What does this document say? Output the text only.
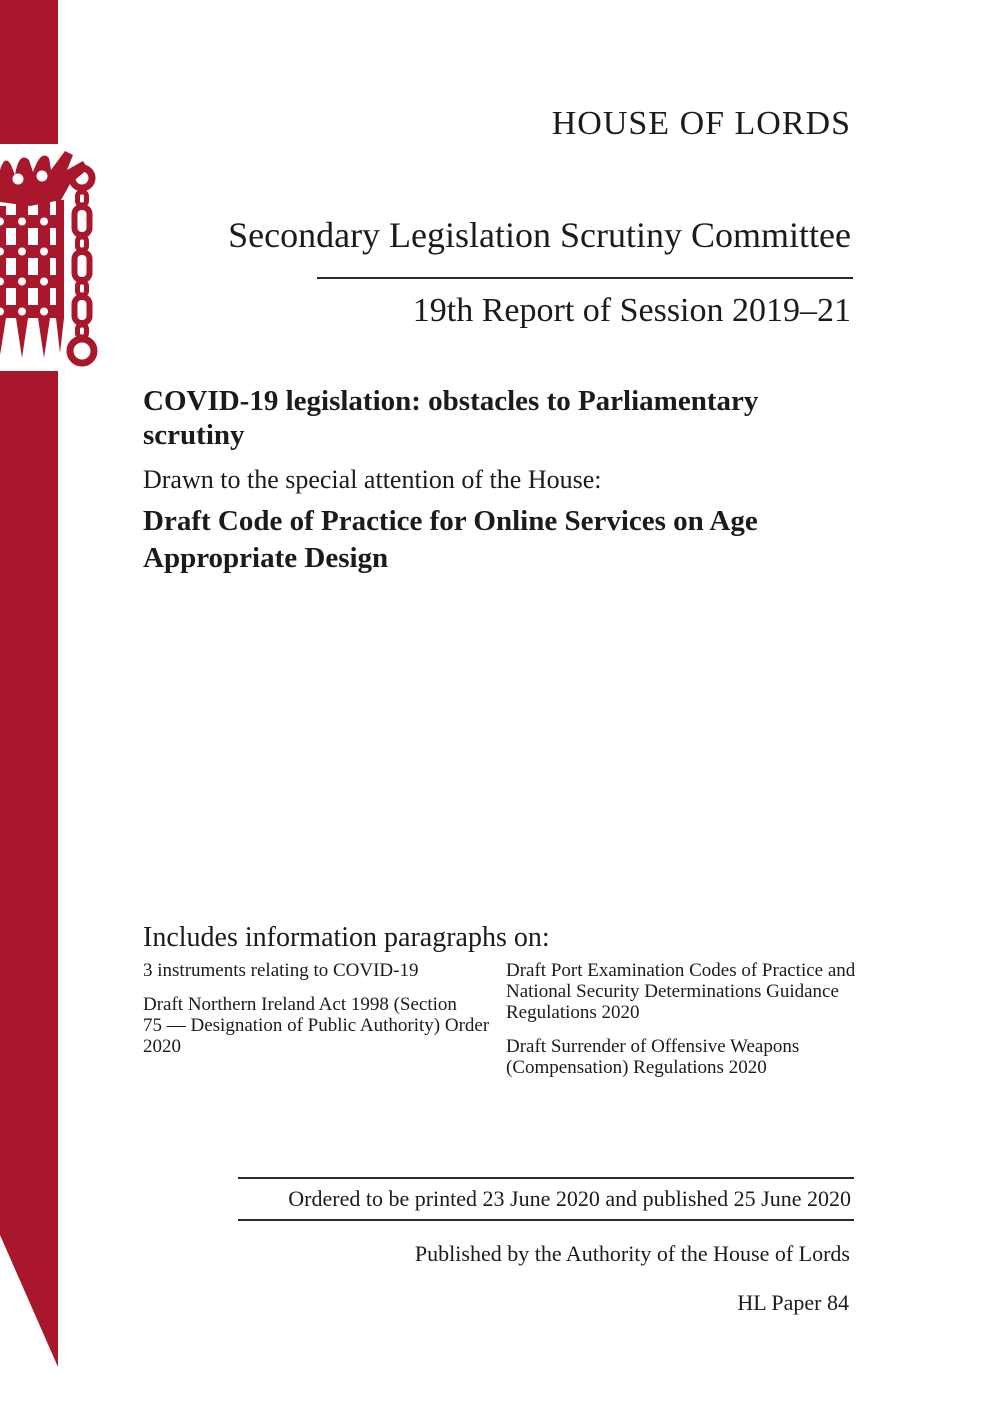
HOUSE OF LORDS
Secondary Legislation Scrutiny Committee
19th Report of Session 2019–21
COVID-19 legislation: obstacles to Parliamentary
scrutiny
Drawn to the special attention of the House:
Draft Code of Practice for Online Services on Age
Appropriate Design
Includes information paragraphs on:

3 instruments relating to COVID-19

Draft Northern Ireland Act 1998 (Section
75 — Designation of Public Authority) Order
2020

Draft Port Examination Codes of Practice and
National Security Determinations Guidance
Regulations 2020

Draft Surrender of Offensive Weapons
(Compensation) Regulations 2020

Ordered to be printed 23 June 2020 and published 25 June 2020
Published by the Authority of the House of Lords
HL Paper 84
